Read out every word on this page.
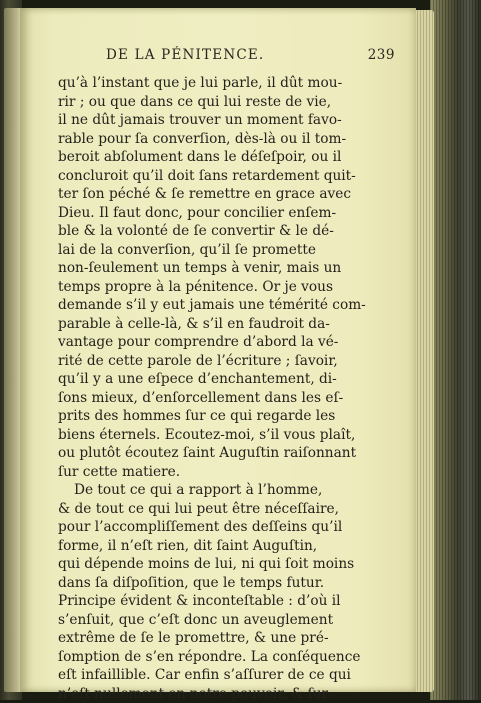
DE LA PÉNITENCE.	239
qu’à l’instant que je lui parle, il dût mou-
rir ; ou que dans ce qui lui reste de vie,
il ne dût jamais trouver un moment favo-
rable pour ſa converſion, dès-là ou il tom-
beroit abſolument dans le déſeſpoir, ou il
concluroit qu’il doit ſans retardement quit-
ter ſon péché & ſe remettre en grace avec
Dieu. Il faut donc, pour concilier enſem-
ble & la volonté de ſe convertir & le dé-
lai de la converſion, qu’il ſe promette
non-ſeulement un temps à venir, mais un
temps propre à la pénitence. Or je vous
demande s’il y eut jamais une témérité com-
parable à celle-là, & s’il en faudroit da-
vantage pour comprendre d’abord la vé-
rité de cette parole de l’écriture ; ſavoir,
qu’il y a une eſpece d’enchantement, di-
ſons mieux, d’enſorcellement dans les eſ-
prits des hommes ſur ce qui regarde les
biens éternels. Ecoutez-moi, s’il vous plaît,
ou plutôt écoutez ſaint Auguſtin raiſonnant
ſur cette matiere.
De tout ce qui a rapport à l’homme,
& de tout ce qui lui peut être néceſſaire,
pour l’accompliſſement des deſſeins qu’il
forme, il n’eſt rien, dit ſaint Auguſtin,
qui dépende moins de lui, ni qui ſoit moins
dans ſa diſpoſition, que le temps futur.
Principe évident & inconteſtable : d’où il
s’enſuit, que c’eſt donc un aveuglement
extrême de ſe le promettre, & une pré-
ſomption de s’en répondre. La conſéquence
eſt infaillible. Car enfin s’aſſurer de ce qui
n’eſt nullement en notre pouvoir, & ſur
